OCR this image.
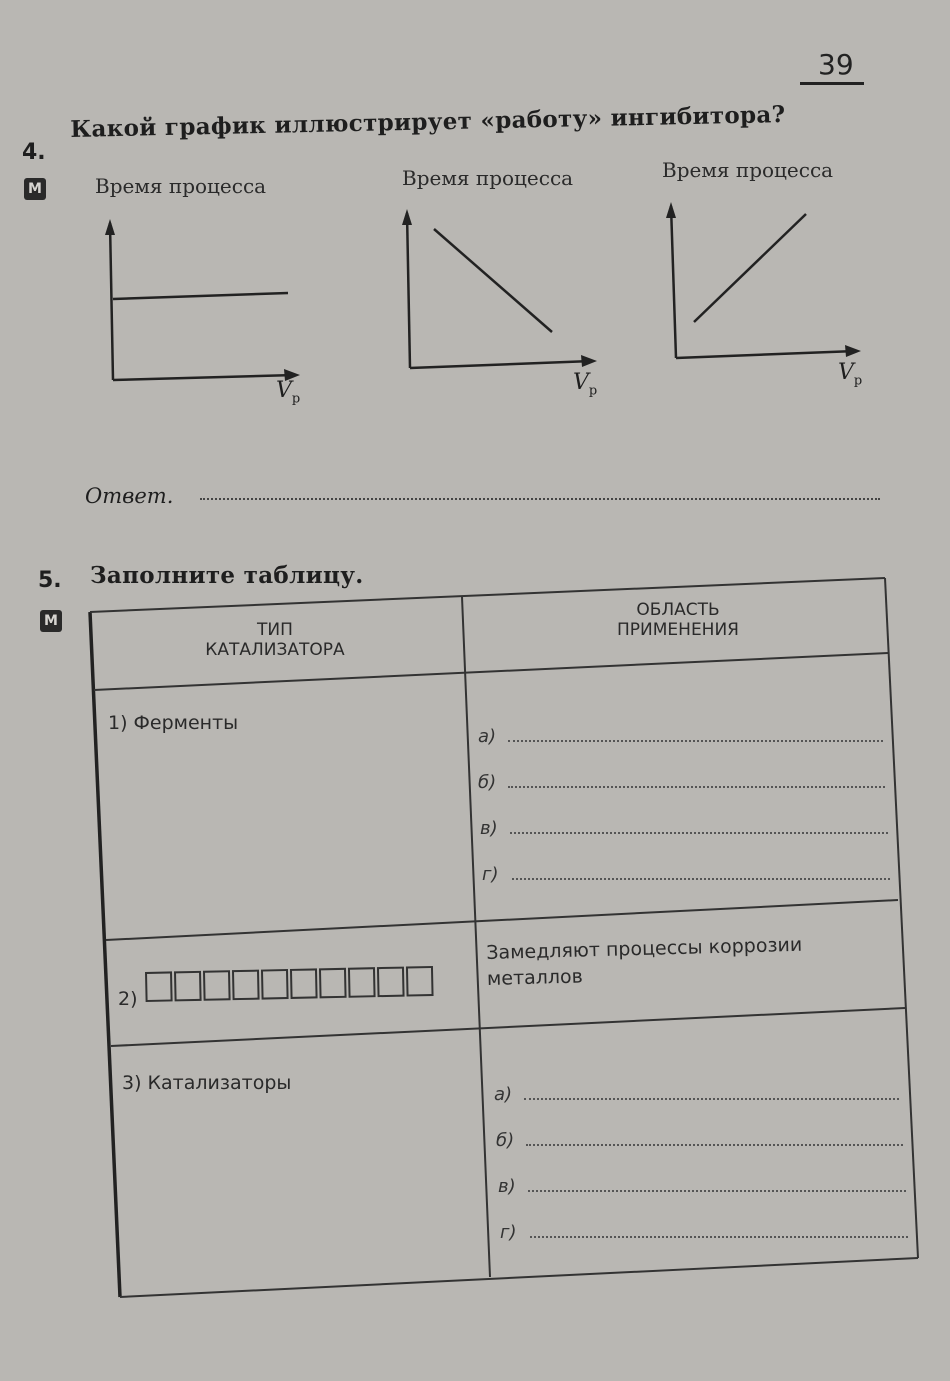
39
4.
Какой график иллюстрирует «работу» ингибитора?
М	Время процесса
$V_р$
Время процесса
$V_р$
Время процесса
$V_р$
Ответ.
5. Заполните таблицу.
М	ТИП
КАТАЛИЗАТОРА
ОБЛАСТЬ
ПРИМЕНЕНИЯ
1) Ферменты
а)
б)
в)
г)
2)
Замедляют процессы коррозии
металлов
3) Катализаторы
а)
б)
в)
г)
